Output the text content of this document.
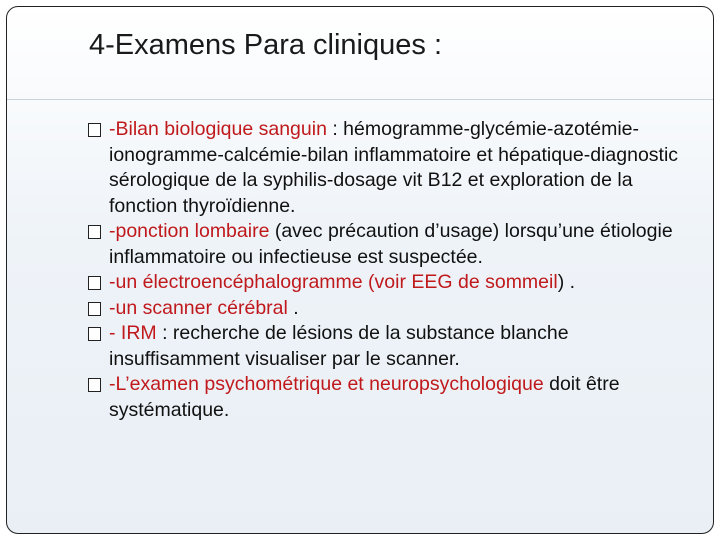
4-Examens Para cliniques :

-Bilan biologique sanguin : hémogramme-glycémie-azotémie-ionogramme-calcémie-bilan inflammatoire et hépatique-diagnostic sérologique de la syphilis-dosage vit B12 et exploration de la fonction thyroïdienne.

-ponction lombaire (avec précaution d’usage) lorsqu’une étiologie inflammatoire ou infectieuse est suspectée.

-un électroencéphalogramme (voir EEG de sommeil) .

-un scanner cérébral .

- IRM : recherche de lésions de la substance blanche insuffisamment visualiser par le scanner.

-L’examen psychométrique et neuropsychologique doit être systématique.
